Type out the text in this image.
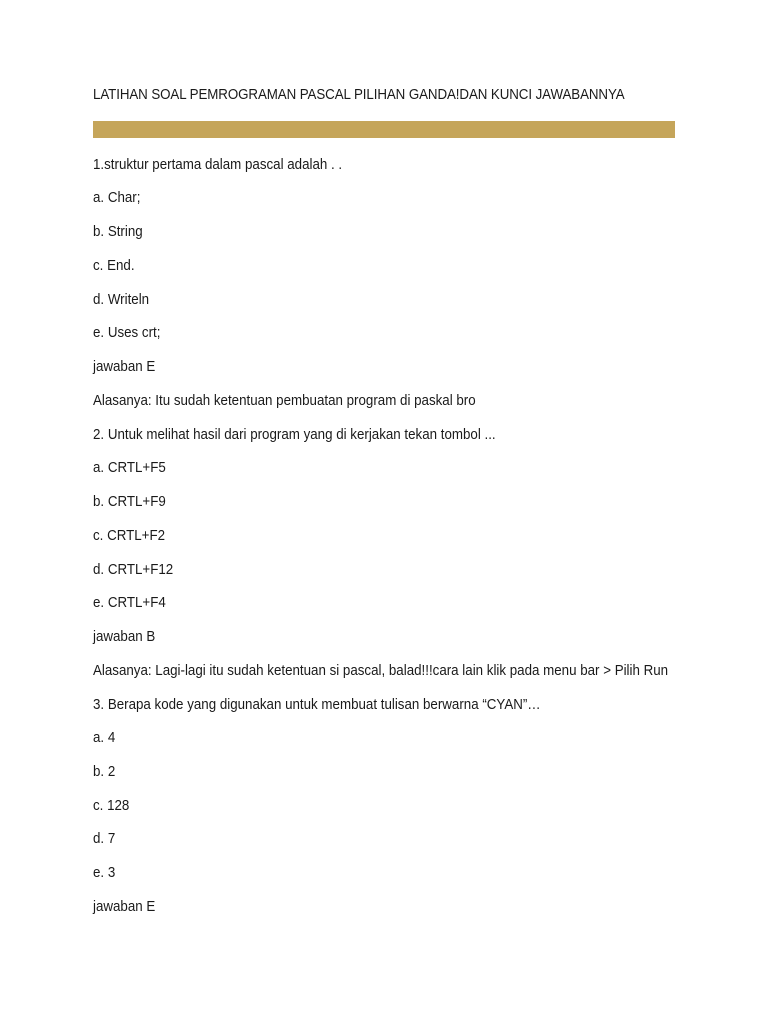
LATIHAN SOAL PEMROGRAMAN PASCAL PILIHAN GANDA!DAN KUNCI JAWABANNYA
1.struktur pertama dalam pascal adalah . .
a. Char;
b. String
c. End.
d. Writeln
e. Uses crt;
jawaban E
Alasanya: Itu sudah ketentuan pembuatan program di paskal bro
2. Untuk melihat hasil dari program yang di kerjakan tekan tombol ...
a. CRTL+F5
b. CRTL+F9
c. CRTL+F2
d. CRTL+F12
e. CRTL+F4
jawaban B
Alasanya: Lagi-lagi itu sudah ketentuan si pascal, balad!!!cara lain klik pada menu bar > Pilih Run
3. Berapa kode yang digunakan untuk membuat tulisan berwarna “CYAN”…
a. 4
b. 2
c. 128
d. 7
e. 3
jawaban E
